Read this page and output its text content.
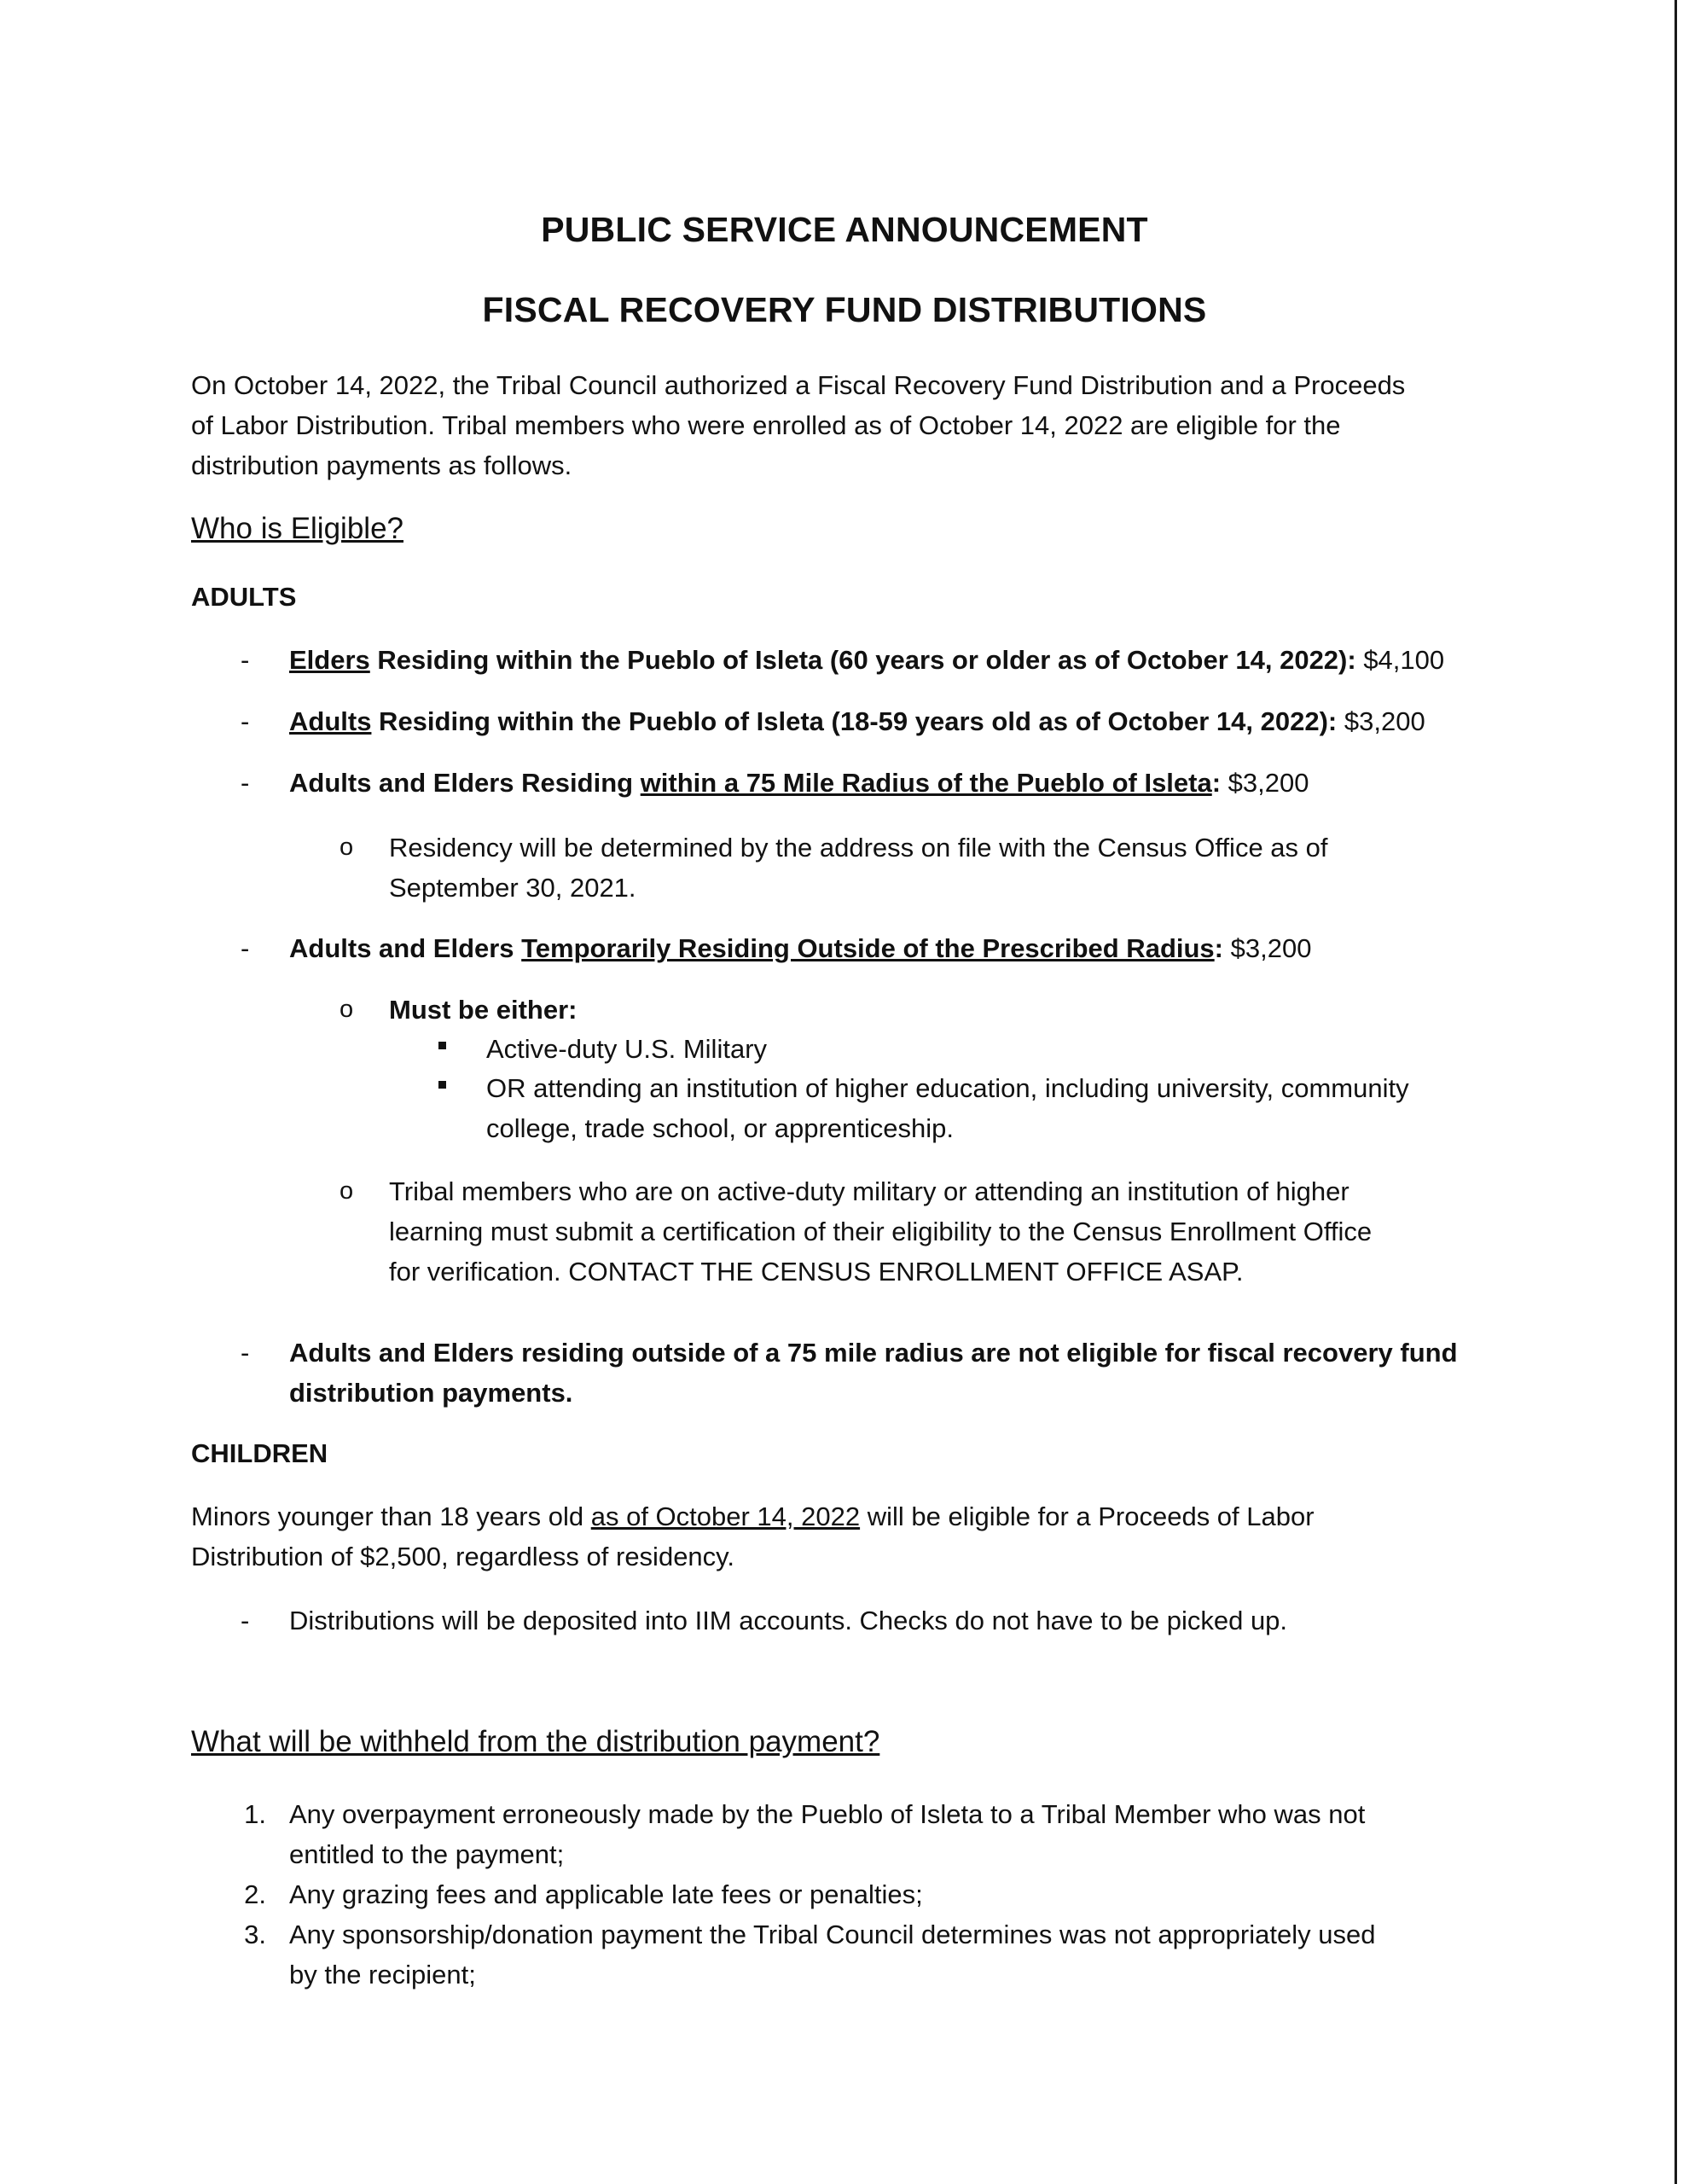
PUBLIC SERVICE ANNOUNCEMENT
FISCAL RECOVERY FUND DISTRIBUTIONS
On October 14, 2022, the Tribal Council authorized a Fiscal Recovery Fund Distribution and a Proceeds
of Labor Distribution. Tribal members who were enrolled as of October 14, 2022 are eligible for the
distribution payments as follows.
Who is Eligible?
ADULTS
- Elders Residing within the Pueblo of Isleta (60 years or older as of October 14, 2022): $4,100
- Adults Residing within the Pueblo of Isleta (18-59 years old as of October 14, 2022): $3,200
- Adults and Elders Residing within a 75 Mile Radius of the Pueblo of Isleta: $3,200
o Residency will be determined by the address on file with the Census Office as of
September 30, 2021.
- Adults and Elders Temporarily Residing Outside of the Prescribed Radius: $3,200
o Must be either:
Active-duty U.S. Military
OR attending an institution of higher education, including university, community
college, trade school, or apprenticeship.
o Tribal members who are on active-duty military or attending an institution of higher
learning must submit a certification of their eligibility to the Census Enrollment Office
for verification. CONTACT THE CENSUS ENROLLMENT OFFICE ASAP.
- Adults and Elders residing outside of a 75 mile radius are not eligible for fiscal recovery fund
distribution payments.
CHILDREN
Minors younger than 18 years old as of October 14, 2022 will be eligible for a Proceeds of Labor
Distribution of $2,500, regardless of residency.
- Distributions will be deposited into IIM accounts. Checks do not have to be picked up.
What will be withheld from the distribution payment?
1. Any overpayment erroneously made by the Pueblo of Isleta to a Tribal Member who was not
entitled to the payment;
2. Any grazing fees and applicable late fees or penalties;
3. Any sponsorship/donation payment the Tribal Council determines was not appropriately used
by the recipient;
